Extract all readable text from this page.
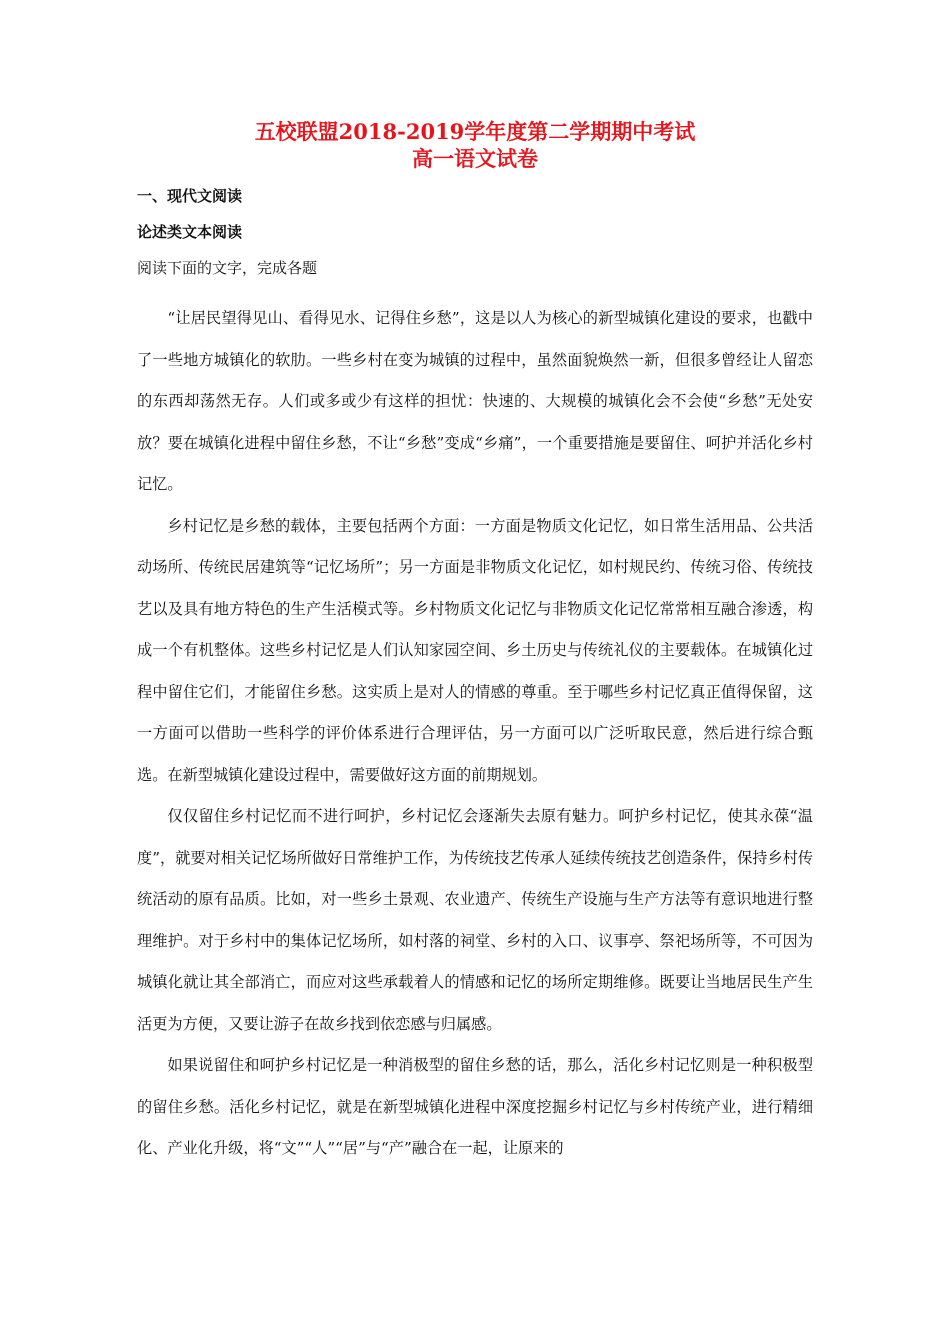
五校联盟2018-2019学年度第二学期期中考试
高一语文试卷
一、现代文阅读
论述类文本阅读
阅读下面的文字，完成各题

“让居民望得见山、看得见水、记得住乡愁”，这是以人为核心的新型城镇化建设的要求，也戳中了一些地方城镇化的软肋。一些乡村在变为城镇的过程中，虽然面貌焕然一新，但很多曾经让人留恋的东西却荡然无存。人们或多或少有这样的担忧：快速的、大规模的城镇化会不会使“乡愁”无处安放？要在城镇化进程中留住乡愁，不让“乡愁”变成“乡痛”，一个重要措施是要留住、呵护并活化乡村记忆。

乡村记忆是乡愁的载体，主要包括两个方面：一方面是物质文化记忆，如日常生活用品、公共活动场所、传统民居建筑等“记忆场所”；另一方面是非物质文化记忆，如村规民约、传统习俗、传统技艺以及具有地方特色的生产生活模式等。乡村物质文化记忆与非物质文化记忆常常相互融合渗透，构成一个有机整体。这些乡村记忆是人们认知家园空间、乡土历史与传统礼仪的主要载体。在城镇化过程中留住它们，才能留住乡愁。这实质上是对人的情感的尊重。至于哪些乡村记忆真正值得保留，这一方面可以借助一些科学的评价体系进行合理评估，另一方面可以广泛听取民意，然后进行综合甄选。在新型城镇化建设过程中，需要做好这方面的前期规划。

仅仅留住乡村记忆而不进行呵护，乡村记忆会逐渐失去原有魅力。呵护乡村记忆，使其永葆“温度”，就要对相关记忆场所做好日常维护工作，为传统技艺传承人延续传统技艺创造条件，保持乡村传统活动的原有品质。比如，对一些乡土景观、农业遗产、传统生产设施与生产方法等有意识地进行整理维护。对于乡村中的集体记忆场所，如村落的祠堂、乡村的入口、议事亭、祭祀场所等，不可因为城镇化就让其全部消亡，而应对这些承载着人的情感和记忆的场所定期维修。既要让当地居民生产生活更为方便，又要让游子在故乡找到依恋感与归属感。

如果说留住和呵护乡村记忆是一种消极型的留住乡愁的话，那么，活化乡村记忆则是一种积极型的留住乡愁。活化乡村记忆，就是在新型城镇化进程中深度挖掘乡村记忆与乡村传统产业，进行精细化、产业化升级，将“文”“人”“居”与“产”融合在一起，让原来的
